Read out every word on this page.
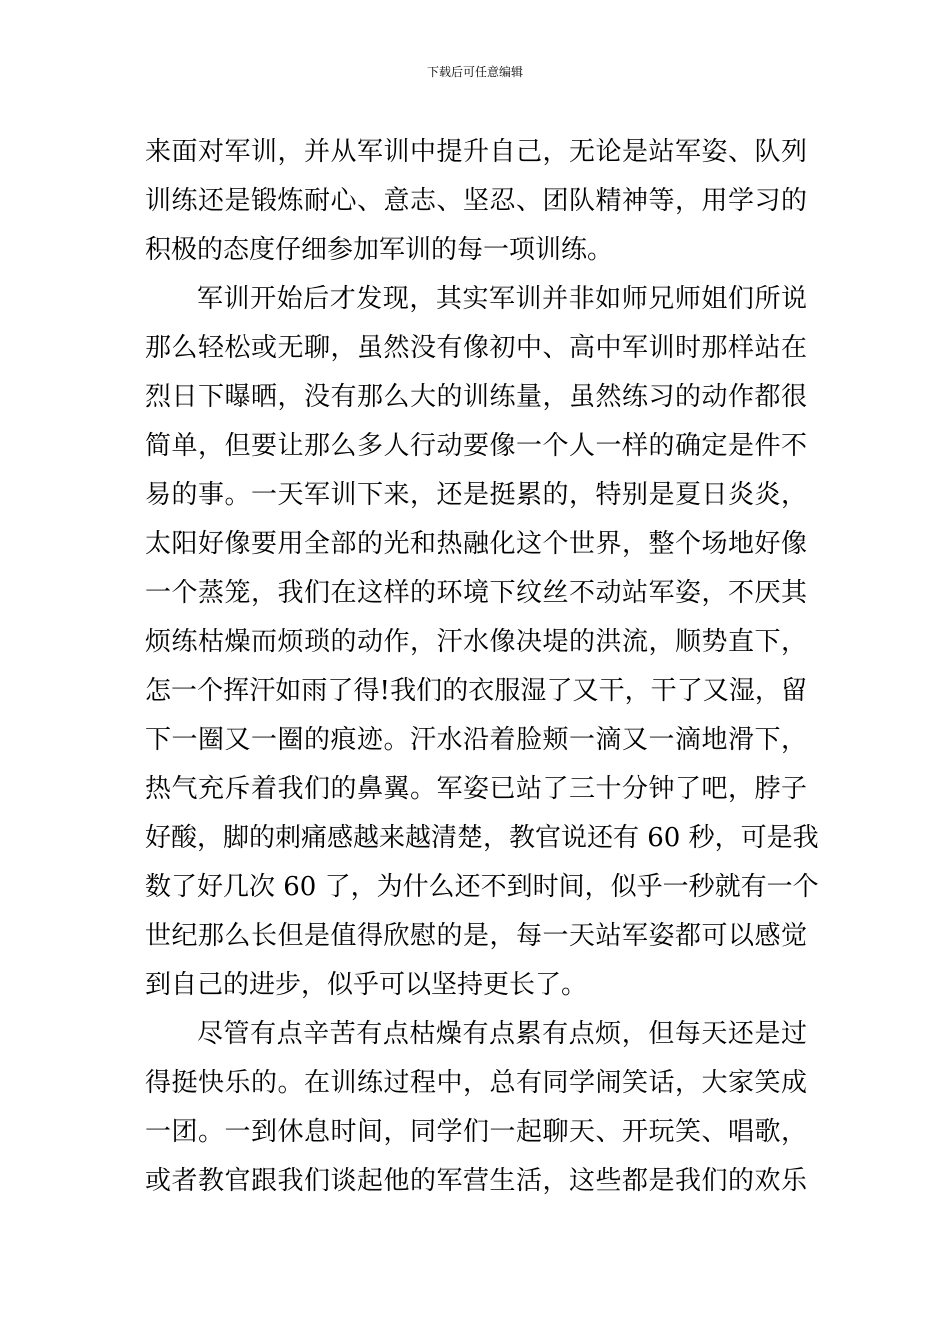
下载后可任意编辑
来面对军训，并从军训中提升自己，无论是站军姿、队列
训练还是锻炼耐心、意志、坚忍、团队精神等，用学习的
积极的态度仔细参加军训的每一项训练。
军训开始后才发现，其实军训并非如师兄师姐们所说
那么轻松或无聊，虽然没有像初中、高中军训时那样站在
烈日下曝晒，没有那么大的训练量，虽然练习的动作都很
简单，但要让那么多人行动要像一个人一样的确定是件不
易的事。一天军训下来，还是挺累的，特别是夏日炎炎，
太阳好像要用全部的光和热融化这个世界，整个场地好像
一个蒸笼，我们在这样的环境下纹丝不动站军姿，不厌其
烦练枯燥而烦琐的动作，汗水像决堤的洪流，顺势直下，
怎一个挥汗如雨了得!我们的衣服湿了又干，干了又湿，留
下一圈又一圈的痕迹。汗水沿着脸颊一滴又一滴地滑下，
热气充斥着我们的鼻翼。军姿已站了三十分钟了吧，脖子
好酸，脚的刺痛感越来越清楚，教官说还有 60 秒，可是我
数了好几次 60 了，为什么还不到时间，似乎一秒就有一个
世纪那么长但是值得欣慰的是，每一天站军姿都可以感觉
到自己的进步，似乎可以坚持更长了。
尽管有点辛苦有点枯燥有点累有点烦，但每天还是过
得挺快乐的。在训练过程中，总有同学闹笑话，大家笑成
一团。一到休息时间，同学们一起聊天、开玩笑、唱歌，
或者教官跟我们谈起他的军营生活，这些都是我们的欢乐
